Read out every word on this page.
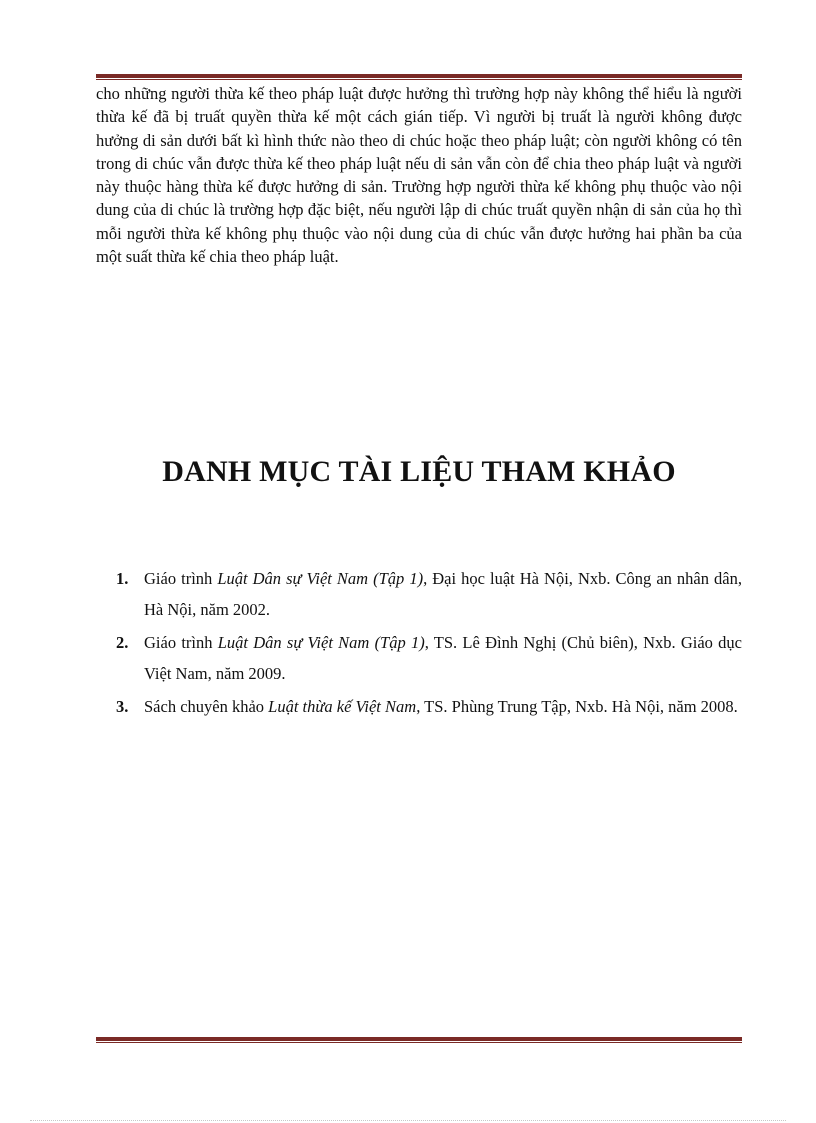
cho những người thừa kế theo pháp luật được hưởng thì trường hợp này không thể hiểu là người thừa kế đã bị truất quyền thừa kế một cách gián tiếp. Vì người bị truất là người không được hưởng di sản dưới bất kì hình thức nào theo di chúc hoặc theo pháp luật; còn người không có tên trong di chúc vẫn được thừa kế theo pháp luật nếu di sản vẫn còn để chia theo pháp luật và người này thuộc hàng thừa kế được hưởng di sản. Trường hợp người thừa kế không phụ thuộc vào nội dung của di chúc là trường hợp đặc biệt, nếu người lập di chúc truất quyền nhận di sản của họ thì mỗi người thừa kế không phụ thuộc vào nội dung của di chúc vẫn được hưởng hai phần ba của một suất thừa kế chia theo pháp luật.

DANH MỤC TÀI LIỆU THAM KHẢO
1. Giáo trình Luật Dân sự Việt Nam (Tập 1), Đại học luật Hà Nội, Nxb. Công an nhân dân, Hà Nội, năm 2002.
2. Giáo trình Luật Dân sự Việt Nam (Tập 1), TS. Lê Đình Nghị (Chủ biên), Nxb. Giáo dục Việt Nam, năm 2009.
3. Sách chuyên khảo Luật thừa kế Việt Nam, TS. Phùng Trung Tập, Nxb. Hà Nội, năm 2008.
